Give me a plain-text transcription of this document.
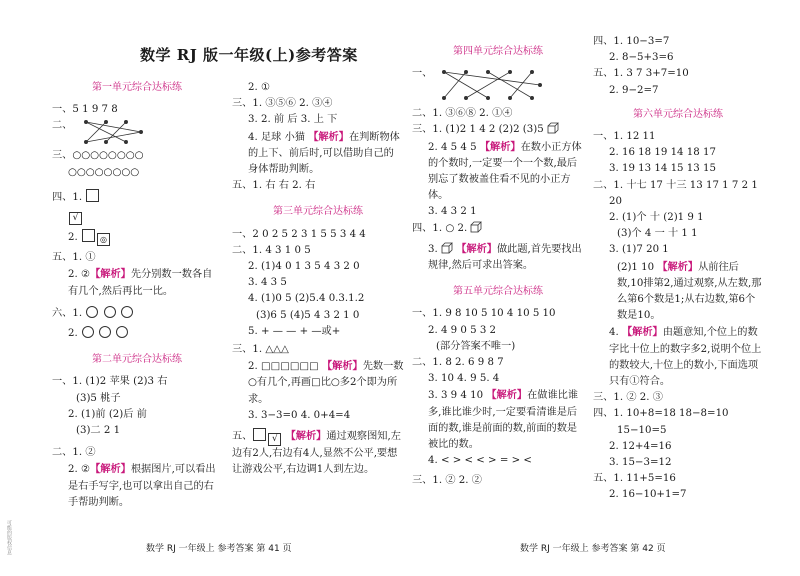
数学 RJ 版一年级(上)参考答案
第一单元综合达标练
一、5 1 9 7 8
二、
三、○○○○○○○○
○○○○○○○○
四、1.
√
2.	◎
五、1. ①
2. ②【解析】先分别数一数各自有几个,然后再比一比。
六、1.
2.
第二单元综合达标练
一、1. (1)2 苹果 (2)3 右
(3)5 桃子
2. (1)前 (2)后 前
(3)二 2 1
二、1. ②
2. ②【解析】根据图片,可以看出是右手写字,也可以拿出自己的右手帮助判断。
2. ①
三、1. ③⑤⑥ 2. ③④
3. 2. 前 后 3. 上 下
4. 足球 小猫 【解析】在判断物体的上下、前后时,可以借助自己的身体帮助判断。
五、1. 右 右 2. 右
第三单元综合达标练
一、2 0 2 5 2 3 1 5 5 3 4 4
二、1. 4 3 1 0 5
2. (1)4 0 1 3 5 4 3 2 0
3. 4 3 5
4. (1)0 5 (2)5.4 0.3.1.2
(3)6 5 (4)5 4 3 2 1 0
5. + — — + —或+
三、1. △△△
2. □□□□□□ 【解析】先数一数○有几个,再画□比○多2个即为所求。
3. 3−3=0 4. 0+4=4
五、 √ 【解析】通过观察图知,左边有2人,右边有4人,显然不公平,要想让游戏公平,右边调1人到左边。
第四单元综合达标练
一、
二、1. ③⑥⑧ 2. ①④
三、1. (1)2 1 4 2 (2)2 (3)5
2. 4 5 4 5 【解析】在数小正方体的个数时,一定要一个一个数,最后别忘了数被盖住看不见的小正方体。
3. 4 3 2 1
四、1. ○ 2.
3.  【解析】做此题,首先要找出规律,然后可求出答案。
第五单元综合达标练
一、1. 9 8 10 5 10 4 10 5 10
2. 4 9 0 5 3 2
(部分答案不唯一)
二、1. 8 2. 6 9 8 7
3. 10 4. 9 5. 4
3. 3 9 4 10 【解析】在做谁比谁多,谁比谁少时,一定要看清谁是后面的数,谁是前面的数,前面的数是被比的数。
4. < > < < > = > <
三、1. ② 2. ②
四、1. 10−3=7
2. 8−5+3=6
五、1. 3 7 3+7=10
2. 9−2=7
第六单元综合达标练
一、1. 12 11
2. 16 18 19 14 18 17
3. 19 13 14 15 13 15
二、1. 十七 17 十三 13 17 1 7 2 1
20
2. (1)个 十 (2)1 9 1
(3)个 4 一 十 1 1
3. (1)7 20 1
(2)1 10 【解析】从前往后数,10排第2,通过观察,从左数,那么第6个数是1;从右边数,第6个数是10。
4. 【解析】由题意知,个位上的数字比十位上的数字多2,说明个位上的数较大,十位上的数小,下面选项只有①符合。
三、1. ② 2. ③
四、1. 10+8=18 18−8=10
15−10=5
2. 12+4=16
3. 15−3=12
五、1. 11+5=16
2. 16−10+1=7
数学 RJ 一年级上 参考答案 第 41 页	数学 RJ 一年级上 参考答案 第 42 页
可能的版权信息
